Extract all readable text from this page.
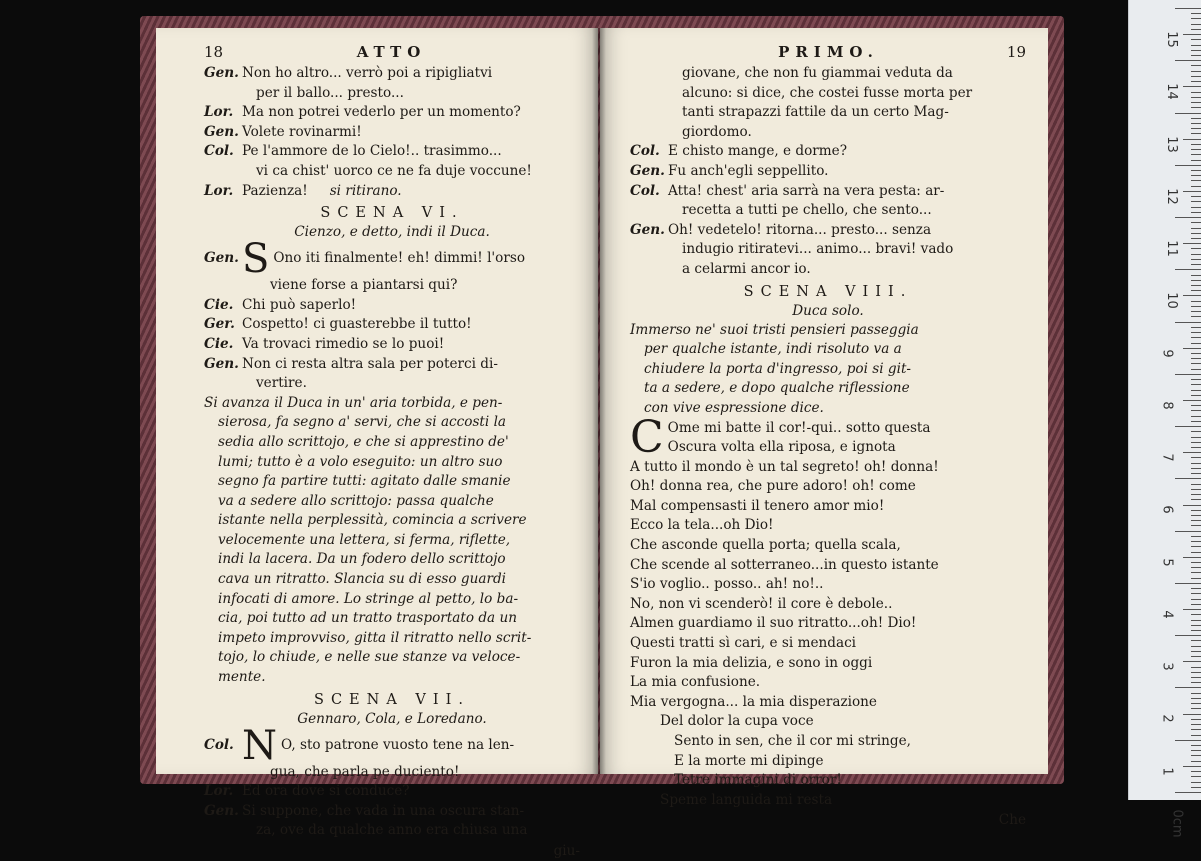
18	ATTO
Gen. Non ho altro... verrò poi a ripigliatvi
per il ballo... presto...
Lor. Ma non potrei vederlo per un momento?
Gen. Volete rovinarmi!
Col. Pe l'ammore de lo Cielo!.. trasimmo...
vi ca chist' uorco ce ne fa duje voccune!
Lor. Pazienza! si ritirano.
SCENA VI.
Cienzo, e detto, indi il Duca.
Gen.S Ono iti finalmente! eh! dimmi! l'orso
viene forse a piantarsi qui?
Cie. Chi può saperlo!
Ger. Cospetto! ci guasterebbe il tutto!
Cie. Va trovaci rimedio se lo puoi!
Gen. Non ci resta altra sala per poterci di-
vertire.
Si avanza il Duca in un' aria torbida, e pen-
sierosa, fa segno a' servi, che si accosti la
sedia allo scrittojo, e che si apprestino de'
lumi; tutto è a volo eseguito: un altro suo
segno fa partire tutti: agitato dalle smanie
va a sedere allo scrittojo: passa qualche
istante nella perplessità, comincia a scrivere
velocemente una lettera, si ferma, riflette,
indi la lacera. Da un fodero dello scrittojo
cava un ritratto. Slancia su di esso guardi
infocati di amore. Lo stringe al petto, lo ba-
cia, poi tutto ad un tratto trasportato da un
impeto improvviso, gitta il ritratto nello scrit-
tojo, lo chiude, e nelle sue stanze va veloce-
mente.
SCENA VII.
Gennaro, Cola, e Loredano.
Col. N O, sto patrone vuosto tene na len-
gua, che parla pe duciento!
Lor. Ed ora dove si conduce?
Gen. Si suppone, che vada in una oscura stan-
za, ove da qualche anno era chiusa una
giu-
PRIMO.	19
giovane, che non fu giammai veduta da
alcuno: si dice, che costei fusse morta per
tanti strapazzi fattile da un certo Mag-
giordomo.
Col. E chisto mange, e dorme?
Gen. Fu anch'egli seppellito.
Col. Atta! chest' aria sarrà na vera pesta: ar-
recetta a tutti pe chello, che sento...
Gen. Oh! vedetelo! ritorna... presto... senza
indugio ritiratevi... animo... bravi! vado
a celarmi ancor io.
SCENA VIII.
Duca solo.
Immerso ne' suoi tristi pensieri passeggia
per qualche istante, indi risoluto va a
chiudere la porta d'ingresso, poi si git-
ta a sedere, e dopo qualche riflessione
con vive espressione dice.
C Ome mi batte il cor!-qui.. sotto questa
Oscura volta ella riposa, e ignota
A tutto il mondo è un tal segreto! oh! donna!
Oh! donna rea, che pure adoro! oh! come
Mal compensasti il tenero amor mio!
Ecco la tela...oh Dio!
Che asconde quella porta; quella scala,
Che scende al sotterraneo...in questo istante
S'io voglio.. posso.. ah! no!..
No, non vi scenderò! il core è debole..
Almen guardiamo il suo ritratto...oh! Dio!
Questi tratti sì cari, e si mendaci
Furon la mia delizia, e sono in oggi
La mia confusione.
Mia vergogna... la mia disperazione
Del dolor la cupa voce
Sento in sen, che il cor mi stringe,
E la morte mi dipinge
Tetre immagini di orror!
Speme languida mi resta
Che
15
14
13
12
11
10
9
8
7
6
5
4
3
2
1
0cm
